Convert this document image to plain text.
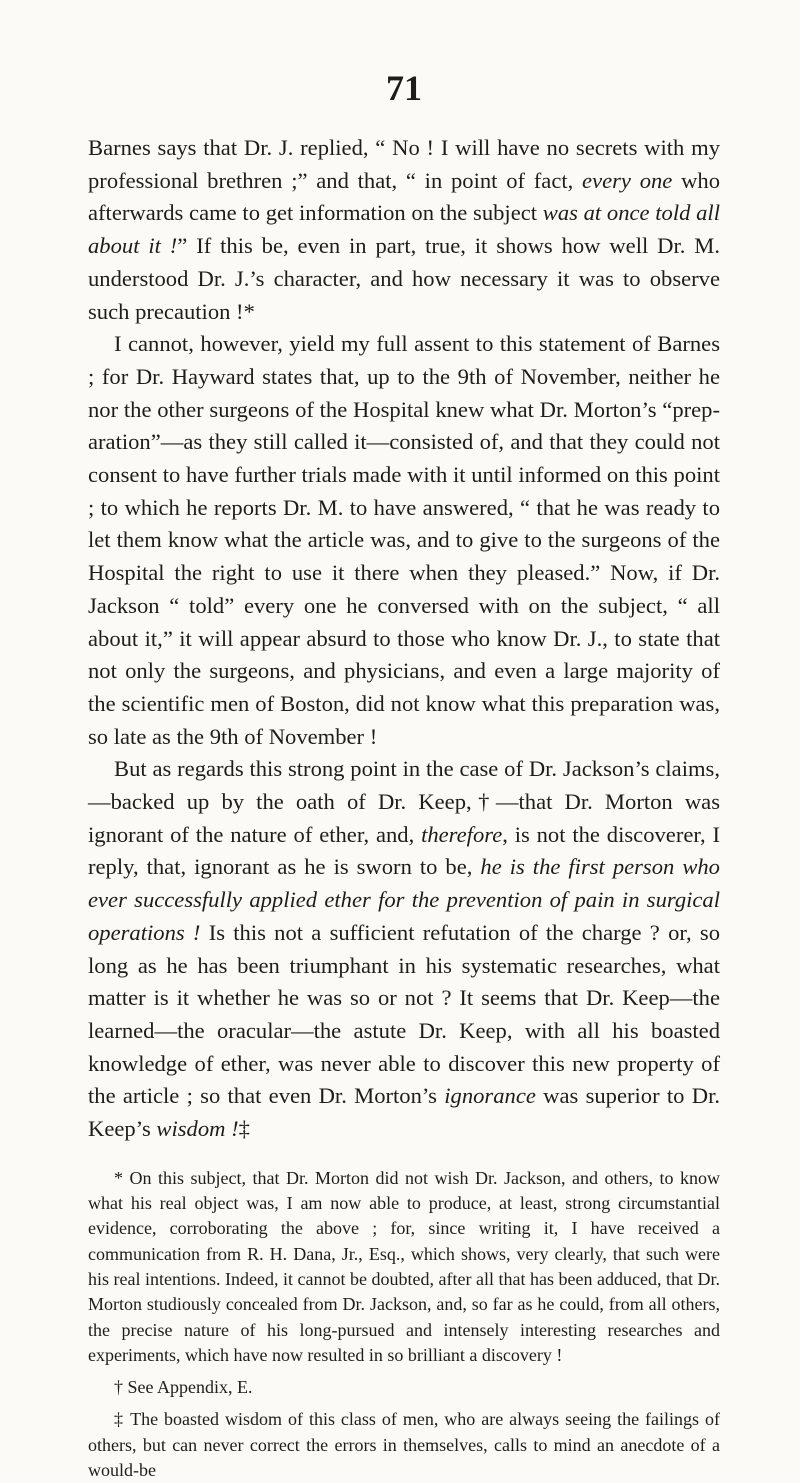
71

Barnes says that Dr. J. replied, “ No ! I will have no secrets with my professional brethren ;” and that, “ in point of fact, every one who afterwards came to get information on the subject was at once told all about it !” If this be, even in part, true, it shows how well Dr. M. understood Dr. J.’s character, and how necessary it was to observe such precaution !*

I cannot, however, yield my full assent to this statement of Barnes ; for Dr. Hayward states that, up to the 9th of November, neither he nor the other surgeons of the Hospital knew what Dr. Morton’s “preparation”—as they still called it—consisted of, and that they could not consent to have further trials made with it until informed on this point ; to which he reports Dr. M. to have answered, “ that he was ready to let them know what the article was, and to give to the surgeons of the Hospital the right to use it there when they pleased.” Now, if Dr. Jackson “ told” every one he conversed with on the subject, “ all about it,” it will appear absurd to those who know Dr. J., to state that not only the surgeons, and physicians, and even a large majority of the scientific men of Boston, did not know what this preparation was, so late as the 9th of November !

But as regards this strong point in the case of Dr. Jackson’s claims, —backed up by the oath of Dr. Keep,†—that Dr. Morton was ignorant of the nature of ether, and, therefore, is not the discoverer, I reply, that, ignorant as he is sworn to be, he is the first person who ever successfully applied ether for the prevention of pain in surgical operations ! Is this not a sufficient refutation of the charge ? or, so long as he has been triumphant in his systematic researches, what matter is it whether he was so or not ? It seems that Dr. Keep—the learned—the oracular—the astute Dr. Keep, with all his boasted knowledge of ether, was never able to discover this new property of the article ; so that even Dr. Morton’s ignorance was superior to Dr. Keep’s wisdom !‡

* On this subject, that Dr. Morton did not wish Dr. Jackson, and others, to know what his real object was, I am now able to produce, at least, strong circumstantial evidence, corroborating the above ; for, since writing it, I have received a communication from R. H. Dana, Jr., Esq., which shows, very clearly, that such were his real intentions. Indeed, it cannot be doubted, after all that has been adduced, that Dr. Morton studiously concealed from Dr. Jackson, and, so far as he could, from all others, the precise nature of his long-pursued and intensely interesting researches and experiments, which have now resulted in so brilliant a discovery !

† See Appendix, E.

‡ The boasted wisdom of this class of men, who are always seeing the failings of others, but can never correct the errors in themselves, calls to mind an anecdote of a would-be
